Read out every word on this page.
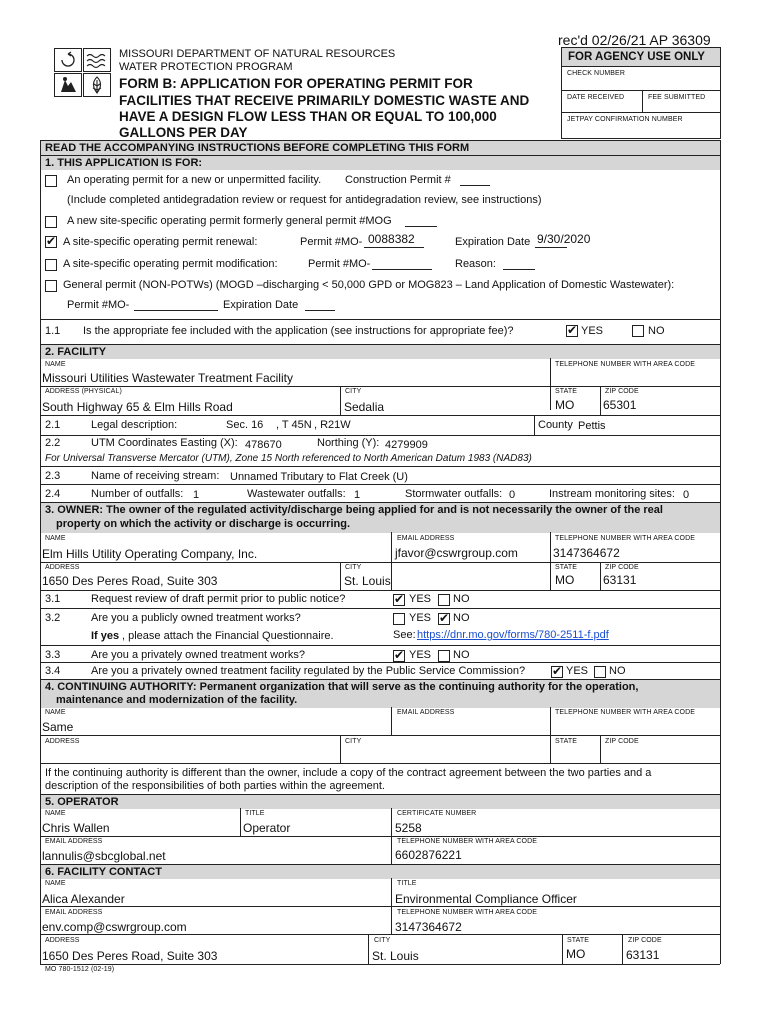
rec'd 02/26/21 AP 36309
MISSOURI DEPARTMENT OF NATURAL RESOURCES
WATER PROTECTION PROGRAM
FORM B: APPLICATION FOR OPERATING PERMIT FOR
FACILITIES THAT RECEIVE PRIMARILY DOMESTIC WASTE AND
HAVE A DESIGN FLOW LESS THAN OR EQUAL TO 100,000
GALLONS PER DAY
FOR AGENCY USE ONLY
CHECK NUMBER
DATE RECEIVED	FEE SUBMITTED
JETPAY CONFIRMATION NUMBER
READ THE ACCOMPANYING INSTRUCTIONS BEFORE COMPLETING THIS FORM
1. THIS APPLICATION IS FOR:
An operating permit for a new or unpermitted facility. Construction Permit #
(Include completed antidegradation review or request for antidegradation review, see instructions)
A new site-specific operating permit formerly general permit #MOG
✔
A site-specific operating permit renewal:	Permit #MO- 0088382	Expiration Date 9/30/2020
A site-specific operating permit modification:	Permit #MO-	Reason:
General permit (NON-POTWs) (MOGD –discharging < 50,000 GPD or MOG823 – Land Application of Domestic Wastewater):
Permit #MO-	Expiration Date
1.1 Is the appropriate fee included with the application (see instructions for appropriate fee)? ✔	YES	NO
2. FACILITY
NAME	TELEPHONE NUMBER WITH AREA CODE
Missouri Utilities Wastewater Treatment Facility
ADDRESS (PHYSICAL)	CITY	STATE	ZIP CODE
South Highway 65 & Elm Hills Road	Sedalia	MO 65301
2.1	Legal description:	Sec. 16 , T 45N , R21W	County Pettis
2.2	UTM Coordinates Easting (X): 478670	Northing (Y): 4279909
For Universal Transverse Mercator (UTM), Zone 15 North referenced to North American Datum 1983 (NAD83)
2.3	Name of receiving stream: Unnamed Tributary to Flat Creek (U)
2.4	Number of outfalls: 1	Wastewater outfalls: 1	Stormwater outfalls: 0	Instream monitoring sites: 0
3. OWNER: The owner of the regulated activity/discharge being applied for and is not necessarily the owner of the real
property on which the activity or discharge is occurring.
NAME	EMAIL ADDRESS	TELEPHONE NUMBER WITH AREA CODE
Elm Hills Utility Operating Company, Inc.	jfavor@cswrgroup.com	3147364672
ADDRESS	CITY	STATE	ZIP CODE
1650 Des Peres Road, Suite 303	St. Louis	MO 63131
3.1	Request review of draft permit prior to public notice? ✔	YES NO
3.2	Are you a publicly owned treatment works?	YES ✔ NO
If yes , please attach the Financial Questionnaire.	See: https://dnr.mo.gov/forms/780-2511-f.pdf
3.3	Are you a privately owned treatment works? ✔	YES NO
3.4	Are you a privately owned treatment facility regulated by the Public Service Commission? ✔	YES NO
4. CONTINUING AUTHORITY: Permanent organization that will serve as the continuing authority for the operation,
maintenance and modernization of the facility.
NAME	EMAIL ADDRESS	TELEPHONE NUMBER WITH AREA CODE
Same
ADDRESS	CITY	STATE	ZIP CODE
If the continuing authority is different than the owner, include a copy of the contract agreement between the two parties and a
description of the responsibilities of both parties within the agreement.
5. OPERATOR
NAME	TITLE	CERTIFICATE NUMBER
Chris Wallen	Operator	5258
EMAIL ADDRESS	TELEPHONE NUMBER WITH AREA CODE
lannulis@sbcglobal.net	6602876221
6. FACILITY CONTACT
NAME	TITLE
Alica Alexander	Environmental Compliance Officer
EMAIL ADDRESS	TELEPHONE NUMBER WITH AREA CODE
env.comp@cswrgroup.com	3147364672
ADDRESS	CITY	STATE	ZIP CODE
1650 Des Peres Road, Suite 303	St. Louis	MO	63131
MO 780-1512 (02-19)
